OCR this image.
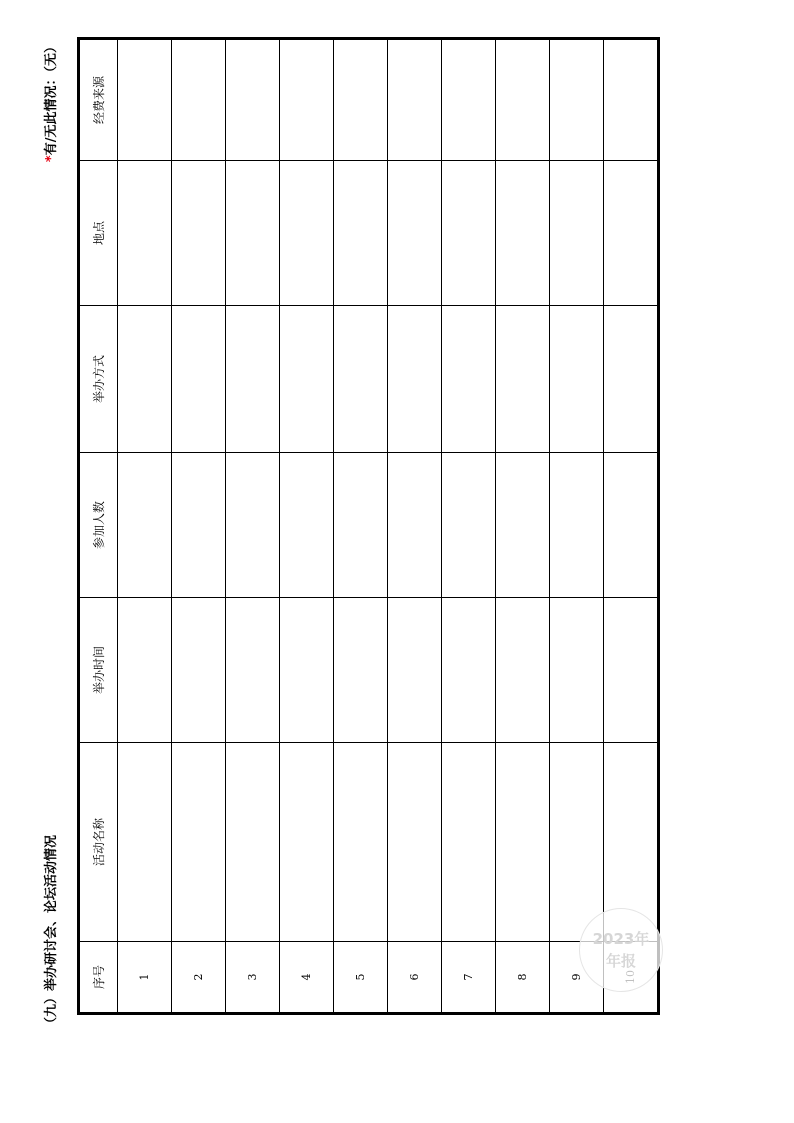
（九）举办研讨会、论坛活动情况
*有/无此情况：（无）
序号	活动名称	举办时间	参加人数	举办方式	地点	经费来源
1						
2						
3						
4						
5						
6						
7						
8						
9						

2023年
年报
